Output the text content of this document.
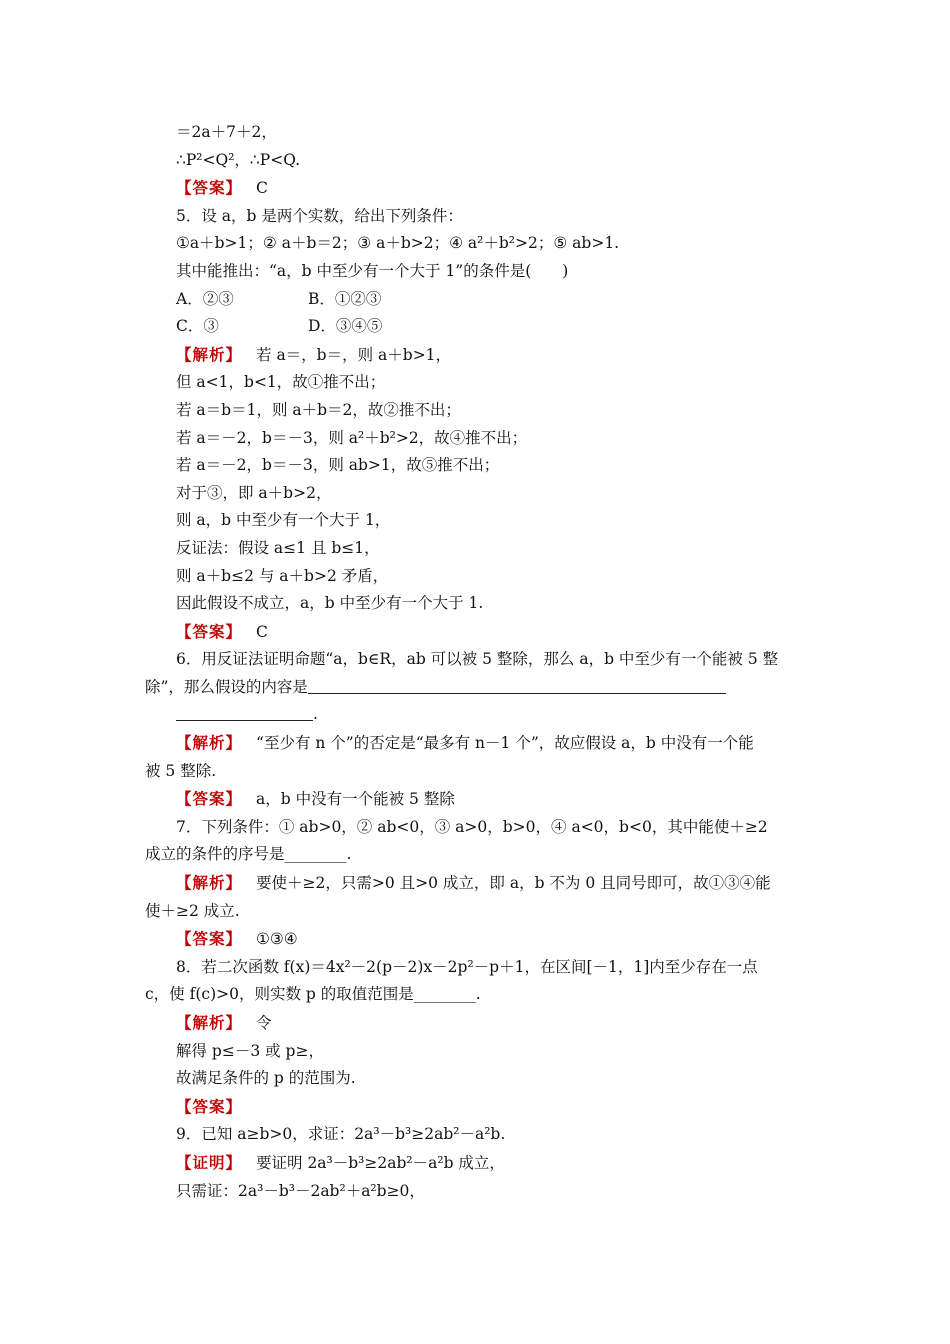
＝2a＋7＋2，
∴P²<Q²，∴P<Q.
【答案】 C
5．设 a，b 是两个实数，给出下列条件：
①a＋b>1；② a＋b＝2；③ a＋b>2；④ a²＋b²>2；⑤ ab>1.
其中能推出：“a，b 中至少有一个大于 1”的条件是(　　)
A．②③	B．①②③
C．③	D．③④⑤
【解析】 若 a＝，b＝，则 a＋b>1，
但 a<1，b<1，故①推不出；
若 a＝b＝1，则 a＋b＝2，故②推不出；
若 a＝－2，b＝－3，则 a²＋b²>2，故④推不出；
若 a＝－2，b＝－3，则 ab>1，故⑤推不出；
对于③，即 a＋b>2，
则 a，b 中至少有一个大于 1，
反证法：假设 a≤1 且 b≤1，
则 a＋b≤2 与 a＋b>2 矛盾，
因此假设不成立，a，b 中至少有一个大于 1.
【答案】 C
6．用反证法证明命题“a，b∈R，ab 可以被 5 整除，那么 a，b 中至少有一个能被 5 整
除”，那么假设的内容是
.
【解析】 “至少有 n 个”的否定是“最多有 n－1 个”，故应假设 a，b 中没有一个能
被 5 整除.
【答案】 a，b 中没有一个能被 5 整除
7．下列条件：① ab>0，② ab<0，③ a>0，b>0，④ a<0，b<0，其中能使＋≥2
成立的条件的序号是________.
【解析】 要使＋≥2，只需>0 且>0 成立，即 a，b 不为 0 且同号即可，故①③④能
使＋≥2 成立.
【答案】 ①③④
8．若二次函数 f(x)＝4x²－2(p－2)x－2p²－p＋1，在区间[－1，1]内至少存在一点
c，使 f(c)>0，则实数 p 的取值范围是________.
【解析】 令
解得 p≤－3 或 p≥，
故满足条件的 p 的范围为.
【答案】
9．已知 a≥b>0，求证：2a³－b³≥2ab²－a²b.
【证明】 要证明 2a³－b³≥2ab²－a²b 成立，
只需证：2a³－b³－2ab²＋a²b≥0，
